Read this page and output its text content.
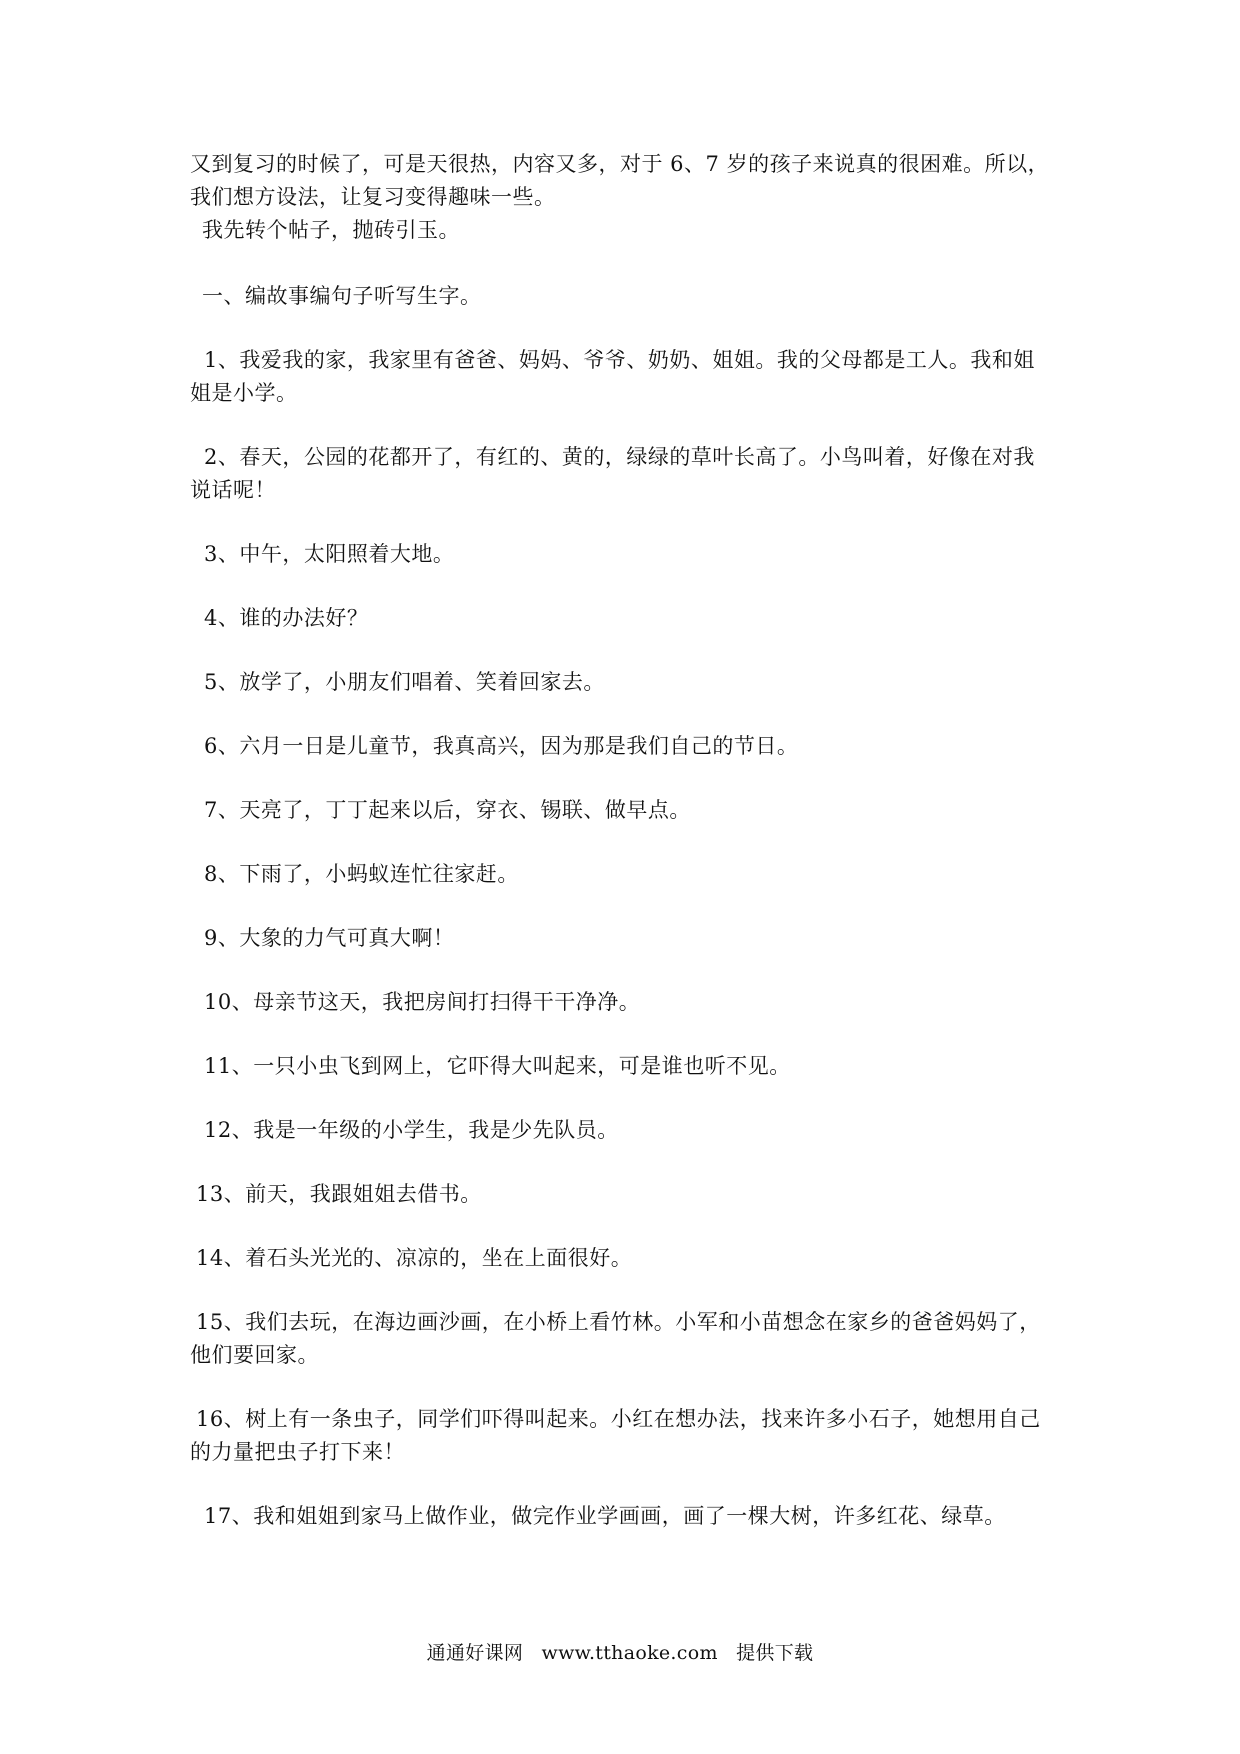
又到复习的时候了，可是天很热，内容又多，对于 6、7 岁的孩子来说真的很困难。所以，我们想方设法，让复习变得趣味一些。

我先转个帖子，抛砖引玉。

一、编故事编句子听写生字。

1、我爱我的家，我家里有爸爸、妈妈、爷爷、奶奶、姐姐。我的父母都是工人。我和姐
姐是小学。

2、春天，公园的花都开了，有红的、黄的，绿绿的草叶长高了。小鸟叫着，好像在对我
说话呢！

3、中午，太阳照着大地。

4、谁的办法好？

5、放学了，小朋友们唱着、笑着回家去。

6、六月一日是儿童节，我真高兴，因为那是我们自己的节日。

7、天亮了，丁丁起来以后，穿衣、锡联、做早点。

8、下雨了，小蚂蚁连忙往家赶。

9、大象的力气可真大啊！

10、母亲节这天，我把房间打扫得干干净净。

11、一只小虫飞到网上，它吓得大叫起来，可是谁也听不见。

12、我是一年级的小学生，我是少先队员。

13、前天，我跟姐姐去借书。

14、着石头光光的、凉凉的，坐在上面很好。

15、我们去玩，在海边画沙画，在小桥上看竹林。小军和小苗想念在家乡的爸爸妈妈了，
他们要回家。

16、树上有一条虫子，同学们吓得叫起来。小红在想办法，找来许多小石子，她想用自己
的力量把虫子打下来！

17、我和姐姐到家马上做作业，做完作业学画画，画了一棵大树，许多红花、绿草。

通通好课网 www.tthaoke.com 提供下载
